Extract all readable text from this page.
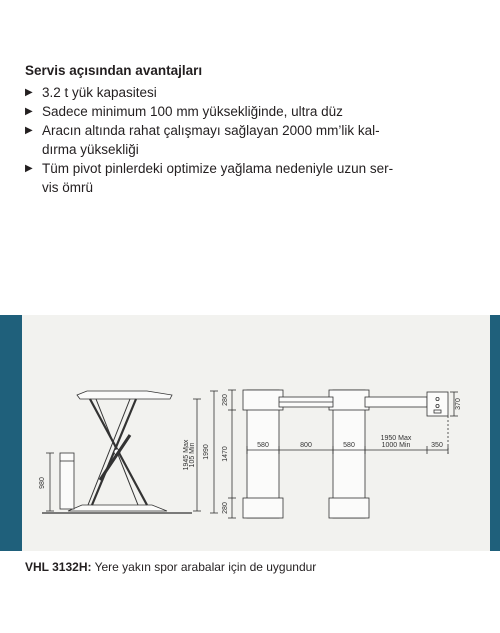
Servis açısından avantajları
▶ 3.2 t yük kapasitesi
▶ Sadece minimum 100 mm yüksekliğinde, ultra düz
▶ Aracın altında rahat çalışmayı sağlayan 2000 mm’lik kal-
dırma yüksekliği
▶ Tüm pivot pinlerdeki optimize yağlama nedeniyle uzun ser-
vis ömrü
980
1945 Max 105 Min 1990
280
1470
280
580	800	580
1950 Max
1000 Min	350
370
VHL 3132H: Yere yakın spor arabalar için de uygundur
